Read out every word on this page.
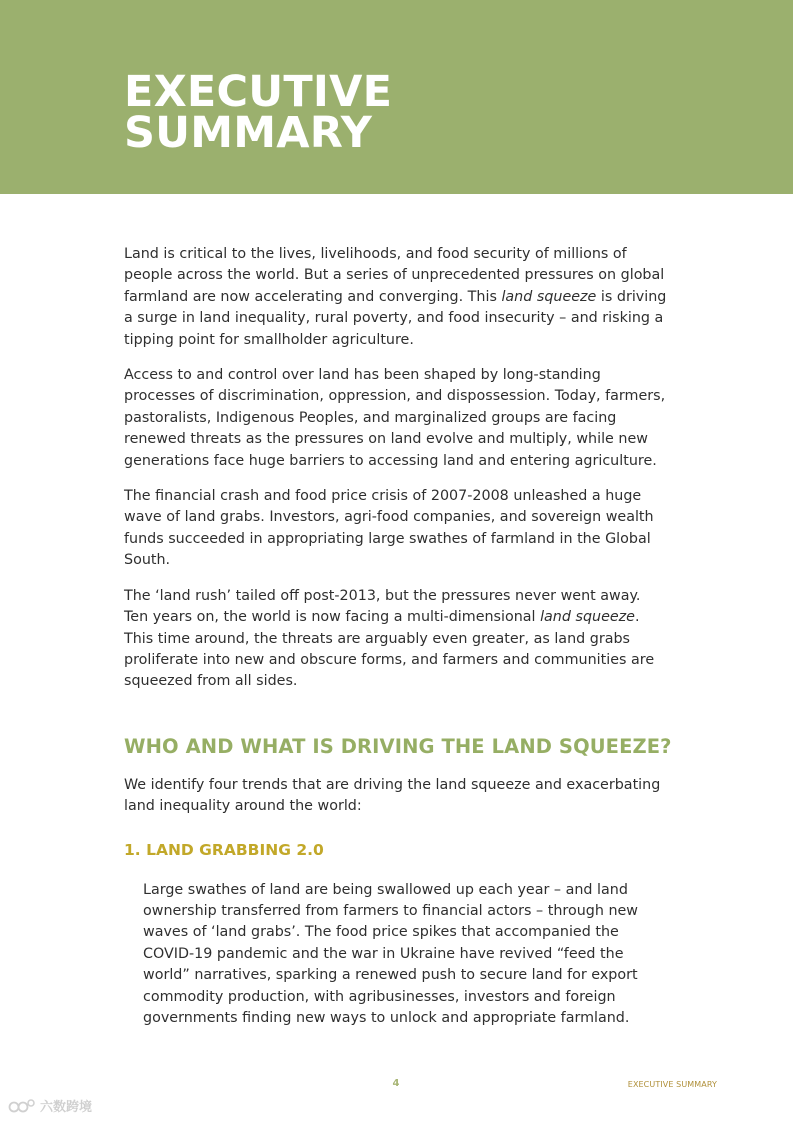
EXECUTIVE
SUMMARY

Land is critical to the lives, livelihoods, and food security of millions of people across the world. But a series of unprecedented pressures on global farmland are now accelerating and converging. This land squeeze is driving a surge in land inequality, rural poverty, and food insecurity – and risking a tipping point for smallholder agriculture.

Access to and control over land has been shaped by long-standing processes of discrimination, oppression, and dispossession. Today, farmers, pastoralists, Indigenous Peoples, and marginalized groups are facing renewed threats as the pressures on land evolve and multiply, while new generations face huge barriers to accessing land and entering agriculture.

The financial crash and food price crisis of 2007-2008 unleashed a huge wave of land grabs. Investors, agri-food companies, and sovereign wealth funds succeeded in appropriating large swathes of farmland in the Global South.

The ‘land rush’ tailed off post-2013, but the pressures never went away.
Ten years on, the world is now facing a multi-dimensional land squeeze. This time around, the threats are arguably even greater, as land grabs proliferate into new and obscure forms, and farmers and communities are squeezed from all sides.

WHO AND WHAT IS DRIVING THE LAND SQUEEZE?

We identify four trends that are driving the land squeeze and exacerbating land inequality around the world:

1. LAND GRABBING 2.0

Large swathes of land are being swallowed up each year – and land ownership transferred from farmers to financial actors – through new waves of ‘land grabs’. The food price spikes that accompanied the COVID-19 pandemic and the war in Ukraine have revived “feed the world” narratives, sparking a renewed push to secure land for export commodity production, with agribusinesses, investors and foreign governments finding new ways to unlock and appropriate farmland.

4	EXECUTIVE SUMMARY
六数跨境
